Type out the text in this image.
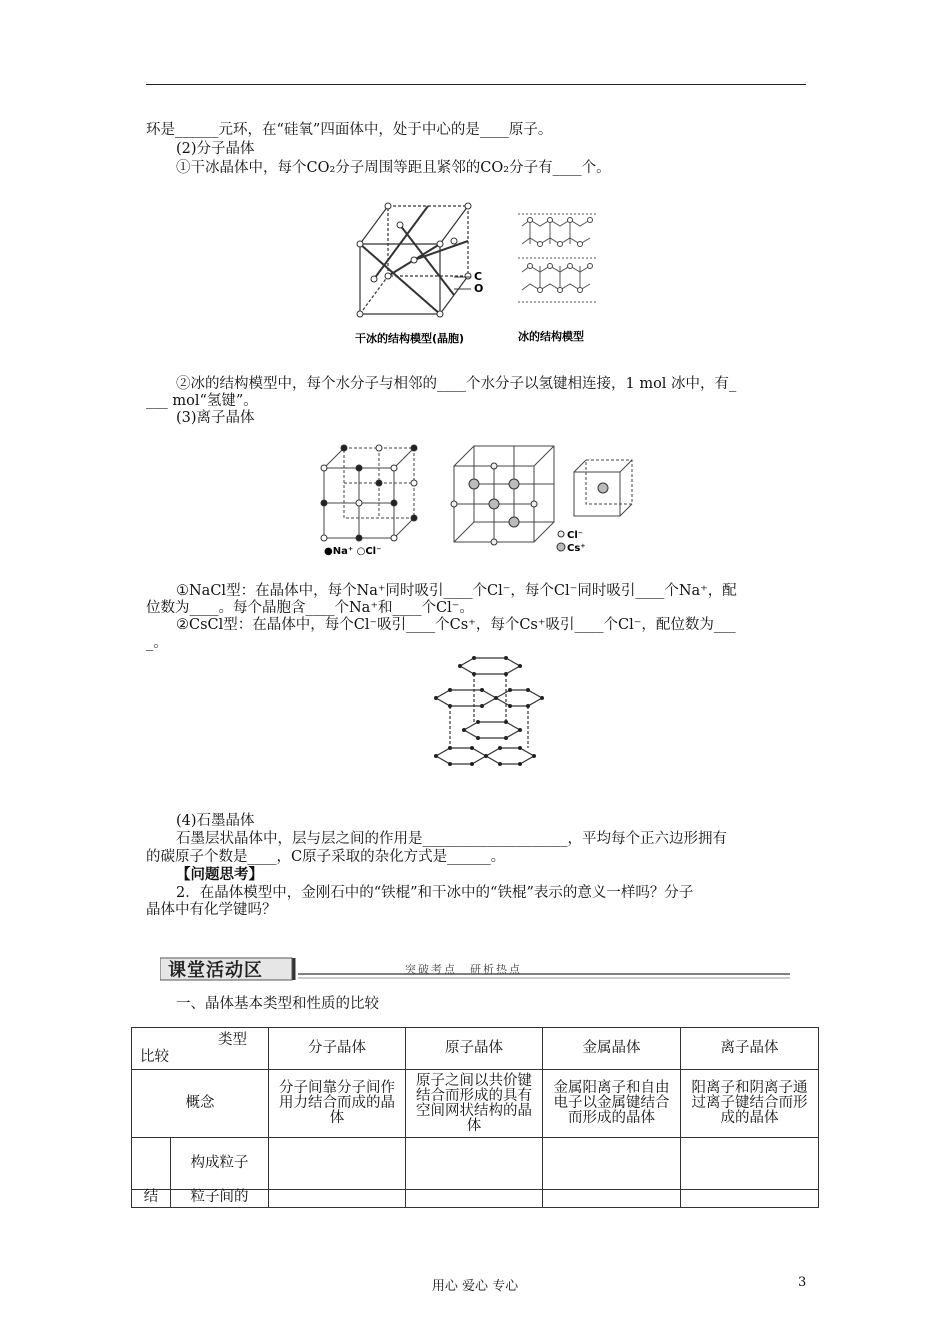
环是______元环，在“硅氧”四面体中，处于中心的是____原子。
(2)分子晶体
①干冰晶体中，每个CO₂分子周围等距且紧邻的CO₂分子有____个。
C
O
干冰的结构模型(晶胞)	冰的结构模型
②冰的结构模型中，每个水分子与相邻的____个水分子以氢键相连接，1 mol 冰中，有_
___ mol“氢键”。
(3)离子晶体
●Na⁺ ○Cl⁻
Cl⁻
Cs⁺
①NaCl型：在晶体中，每个Na⁺同时吸引____个Cl⁻，每个Cl⁻同时吸引____个Na⁺，配
位数为____。每个晶胞含____个Na⁺和____个Cl⁻。
②CsCl型：在晶体中，每个Cl⁻吸引____个Cs⁺，每个Cs⁺吸引____个Cl⁻，配位数为___
_。
(4)石墨晶体
石墨层状晶体中，层与层之间的作用是____________________，平均每个正六边形拥有
的碳原子个数是____，C原子采取的杂化方式是______。
【问题思考】
2．在晶体模型中，金刚石中的“铁棍”和干冰中的“铁棍”表示的意义一样吗？分子
晶体中有化学键吗？
课堂活动区	突破考点　研析热点
一、晶体基本类型和性质的比较
类型
比较		分子晶体	原子晶体	金属晶体	离子晶体
概念		分子间靠分子间作用力结合而成的晶体	原子之间以共价键结合而形成的具有空间网状结构的晶体	金属阳离子和自由电子以金属键结合而形成的晶体	阳离子和阴离子通过离子键结合而形成的晶体
	构成粒子				
结	粒子间的				
用心 爱心 专心	3
